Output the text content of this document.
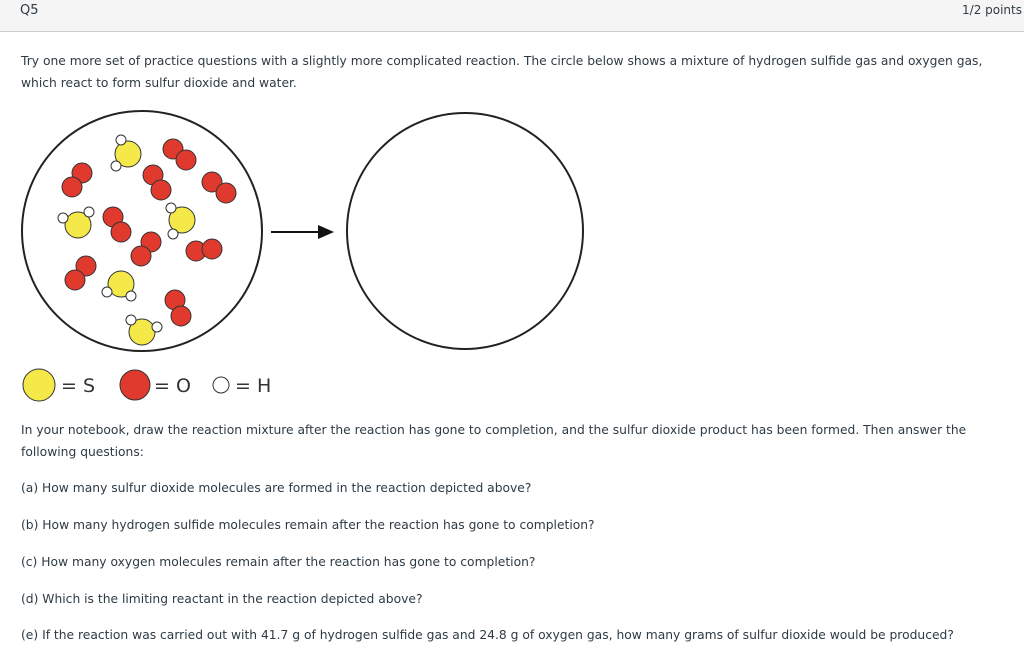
Q5	1/2 points
Try one more set of practice questions with a slightly more complicated reaction. The circle below shows a mixture of hydrogen sulfide gas and oxygen gas, which react to form sulfur dioxide and water.
= S	= O = H
In your notebook, draw the reaction mixture after the reaction has gone to completion, and the sulfur dioxide product has been formed. Then answer the following questions:
(a) How many sulfur dioxide molecules are formed in the reaction depicted above?
(b) How many hydrogen sulfide molecules remain after the reaction has gone to completion?
(c) How many oxygen molecules remain after the reaction has gone to completion?
(d) Which is the limiting reactant in the reaction depicted above?
(e) If the reaction was carried out with 41.7 g of hydrogen sulfide gas and 24.8 g of oxygen gas, how many grams of sulfur dioxide would be produced?
